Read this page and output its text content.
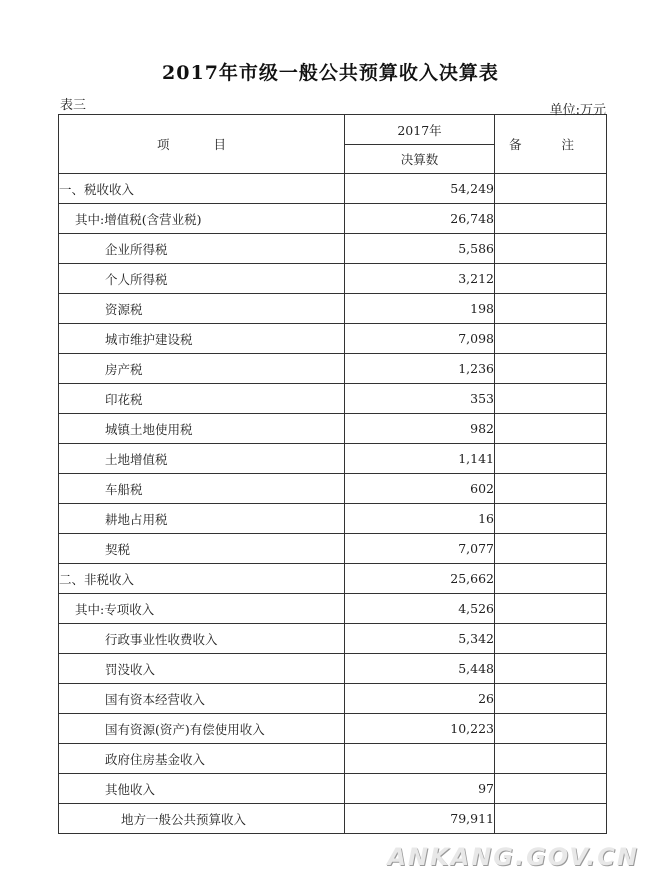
2017年市级一般公共预算收入决算表
表三	单位:万元
项 目	2017年	备 注
	决算数	
一、税收收入	54,249	
其中:增值税(含营业税)	26,748	
企业所得税	5,586	
个人所得税	3,212	
资源税	198	
城市维护建设税	7,098	
房产税	1,236	
印花税	353	
城镇土地使用税	982	
土地增值税	1,141	
车船税	602	
耕地占用税	16	
契税	7,077	
二、非税收入	25,662	
其中:专项收入	4,526	
行政事业性收费收入	5,342	
罚没收入	5,448	
国有资本经营收入	26	
国有资源(资产)有偿使用收入	10,223	
政府住房基金收入		
其他收入	97	
地方一般公共预算收入	79,911	
ANKANG.GOV.CN
